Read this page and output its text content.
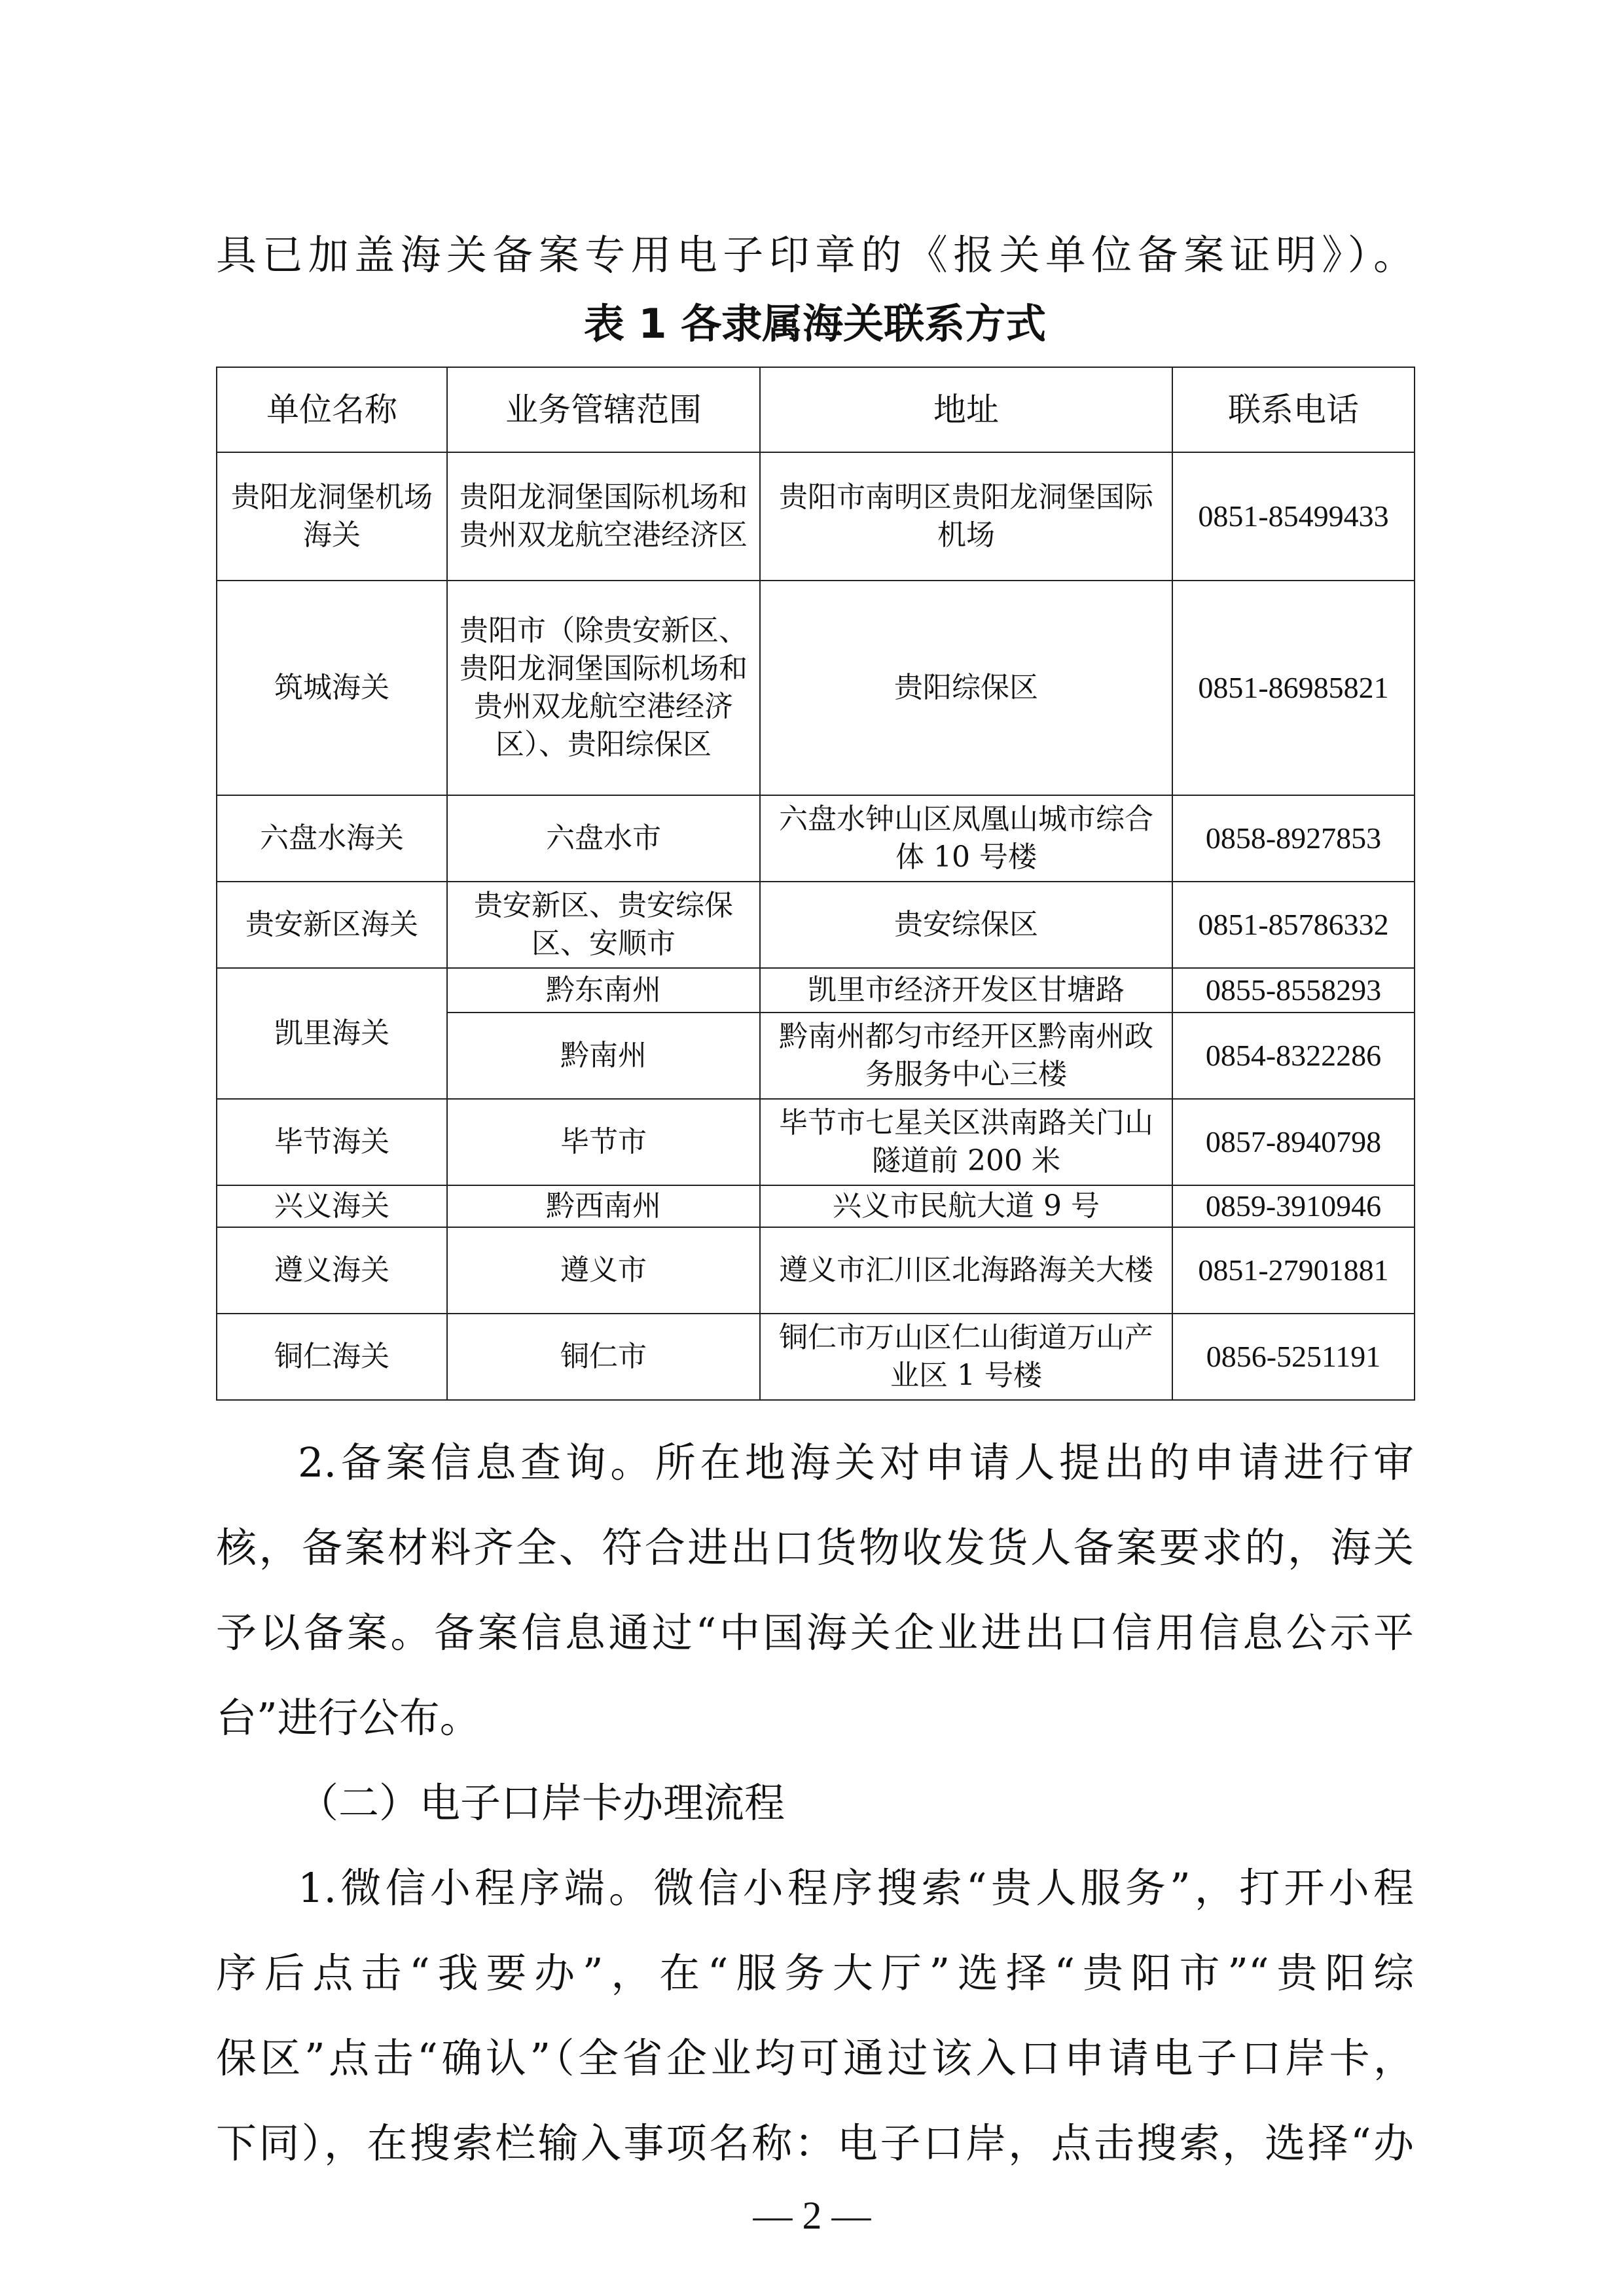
具已加盖海关备案专用电子印章的《报关单位备案证明》）。
表 1 各隶属海关联系方式
单位名称	业务管辖范围	地址	联系电话
贵阳龙洞堡机场海关	贵阳龙洞堡国际机场和贵州双龙航空港经济区	贵阳市南明区贵阳龙洞堡国际机场	0851-85499433
筑城海关	贵阳市（除贵安新区、贵阳龙洞堡国际机场和贵州双龙航空港经济区）、贵阳综保区	贵阳综保区	0851-86985821
六盘水海关	六盘水市	六盘水钟山区凤凰山城市综合体 10 号楼	0858-8927853
贵安新区海关	贵安新区、贵安综保区、安顺市	贵安综保区	0851-85786332
凯里海关	黔东南州	凯里市经济开发区甘塘路	0855-8558293
	黔南州	黔南州都匀市经开区黔南州政务服务中心三楼	0854-8322286
毕节海关	毕节市	毕节市七星关区洪南路关门山隧道前 200 米	0857-8940798
兴义海关	黔西南州	兴义市民航大道 9 号	0859-3910946
遵义海关	遵义市	遵义市汇川区北海路海关大楼	0851-27901881
铜仁海关	铜仁市	铜仁市万山区仁山街道万山产业区 1 号楼	0856-5251191
2.备案信息查询。所在地海关对申请人提出的申请进行审
核，备案材料齐全、符合进出口货物收发货人备案要求的，海关
予以备案。备案信息通过“中国海关企业进出口信用信息公示平
台”进行公布。
（二）电子口岸卡办理流程
1.微信小程序端。微信小程序搜索“贵人服务”，打开小程
序后点击“我要办”，在“服务大厅”选择“贵阳市”“贵阳综
保区”点击“确认”（全省企业均可通过该入口申请电子口岸卡，
下同），在搜索栏输入事项名称：电子口岸，点击搜索，选择“办
— 2 —
